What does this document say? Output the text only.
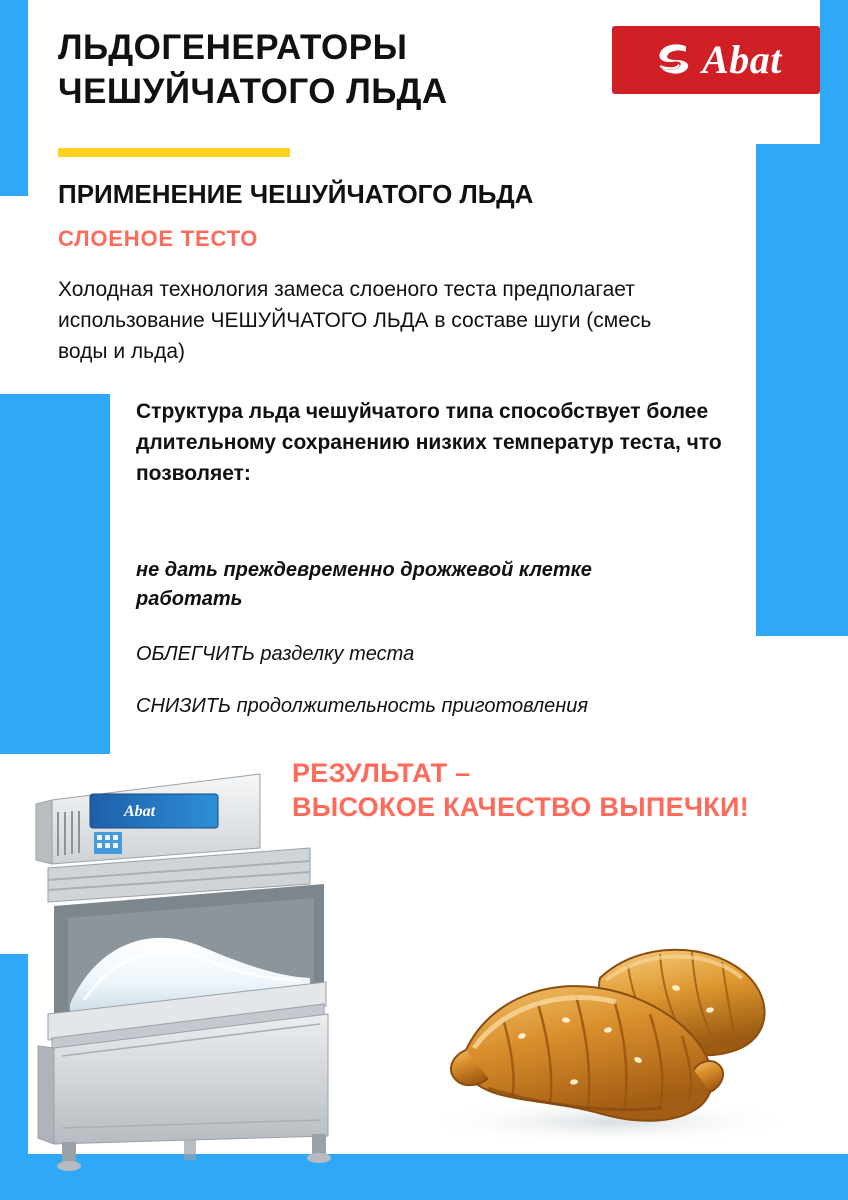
ЛЬДОГЕНЕРАТОРЫ
ЧЕШУЙЧАТОГО ЛЬДА
Abat
ПРИМЕНЕНИЕ ЧЕШУЙЧАТОГО ЛЬДА
СЛОЕНОЕ ТЕСТО
Холодная технология замеса слоеного теста предполагает использование ЧЕШУЙЧАТОГО ЛЬДА в составе шуги (смесь воды и льда)
Структура льда чешуйчатого типа способствует более длительному сохранению низких температур теста, что позволяет:
не дать преждевременно дрожжевой клетке работать
ОБЛЕГЧИТЬ разделку теста
СНИЗИТЬ продолжительность приготовления
РЕЗУЛЬТАТ –
ВЫСОКОЕ КАЧЕСТВО ВЫПЕЧКИ!
Abat
